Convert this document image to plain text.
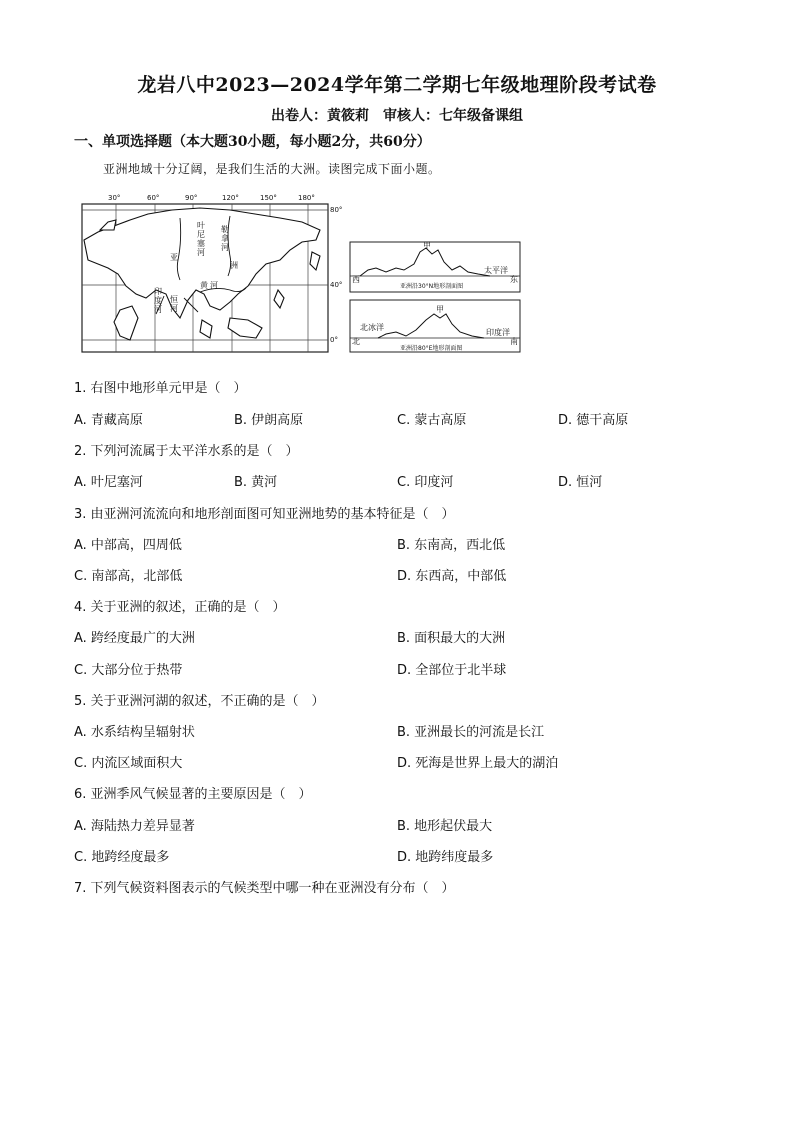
龙岩八中2023—2024学年第二学期七年级地理阶段考试卷
出卷人：黄筱莉　审核人：七年级备课组
一、单项选择题（本大题30小题，每小题2分，共60分）
亚洲地域十分辽阔，是我们生活的大洲。读图完成下面小题。
30°	60°	90°	120°	150°	180°
80°
40°
0°
叶
尼
塞
河
勒
拿
河
亚
洲
黄 河
印
度
河
恒
河
甲
太平洋
西	东
亚洲沿30°N地形剖面图
甲
北冰洋
印度洋
北	南
亚洲沿80°E地形剖面图
1. 右图中地形单元甲是（　）
A. 青藏高原	B. 伊朗高原	C. 蒙古高原	D. 德干高原
2. 下列河流属于太平洋水系的是（　）
A. 叶尼塞河	B. 黄河	C. 印度河	D. 恒河
3. 由亚洲河流流向和地形剖面图可知亚洲地势的基本特征是（　）
A. 中部高，四周低	B. 东南高，西北低
C. 南部高，北部低	D. 东西高，中部低
4. 关于亚洲的叙述，正确的是（　）
A. 跨经度最广的大洲	B. 面积最大的大洲
C. 大部分位于热带	D. 全部位于北半球
5. 关于亚洲河湖的叙述，不正确的是（　）
A. 水系结构呈辐射状	B. 亚洲最长的河流是长江
C. 内流区域面积大	D. 死海是世界上最大的湖泊
6. 亚洲季风气候显著的主要原因是（　）
A. 海陆热力差异显著	B. 地形起伏最大
C. 地跨经度最多	D. 地跨纬度最多
7. 下列气候资料图表示的气候类型中哪一种在亚洲没有分布（　）
